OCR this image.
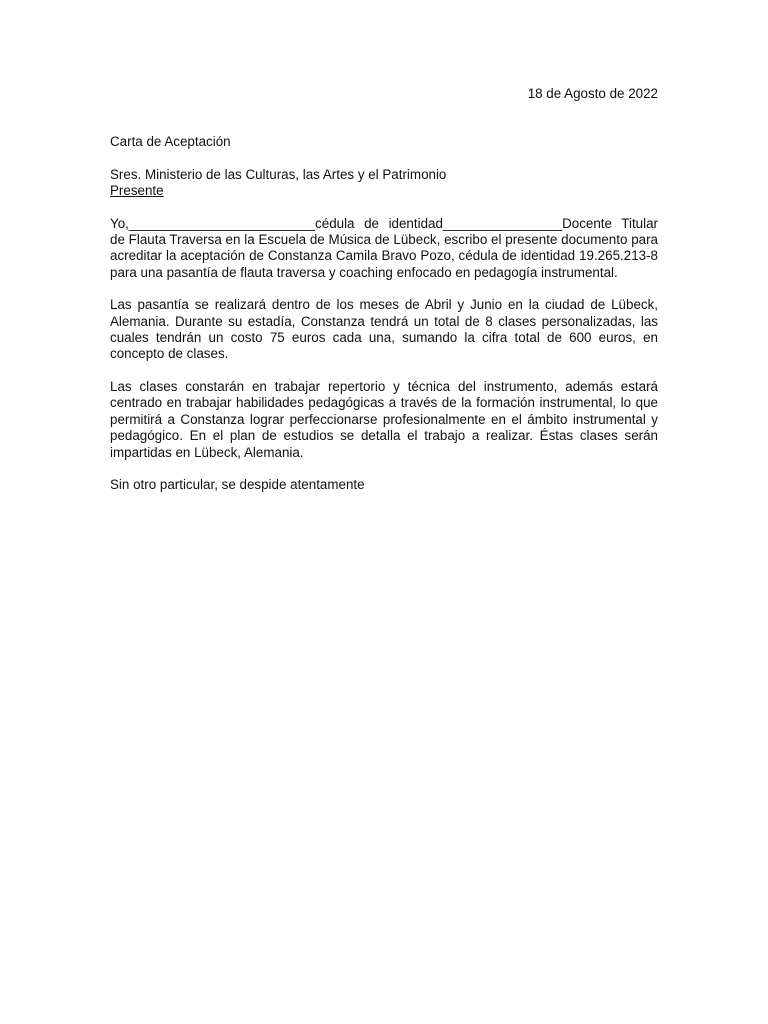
18 de Agosto de 2022

Carta de Aceptación

Sres. Ministerio de las Culturas, las Artes y el Patrimonio

Presente

Yo,_________________________cédula de identidad________________Docente Titular de Flauta Traversa en la Escuela de Música de Lübeck, escribo el presente documento para acreditar la aceptación de Constanza Camila Bravo Pozo, cédula de identidad 19.265.213-8 para una pasantía de flauta traversa y coaching enfocado en pedagogía instrumental.

Las pasantía se realizará dentro de los meses de Abril y Junio en la ciudad de Lübeck, Alemania. Durante su estadía, Constanza tendrá un total de 8 clases personalizadas, las cuales tendrán un costo 75 euros cada una, sumando la cifra total de 600 euros, en concepto de clases.

Las clases constarán en trabajar repertorio y técnica del instrumento, además estará centrado en trabajar habilidades pedagógicas a través de la formación instrumental, lo que permitirá a Constanza lograr perfeccionarse profesionalmente en el ámbito instrumental y pedagógico. En el plan de estudios se detalla el trabajo a realizar. Éstas clases serán impartidas en Lübeck, Alemania.

Sin otro particular, se despide atentamente
